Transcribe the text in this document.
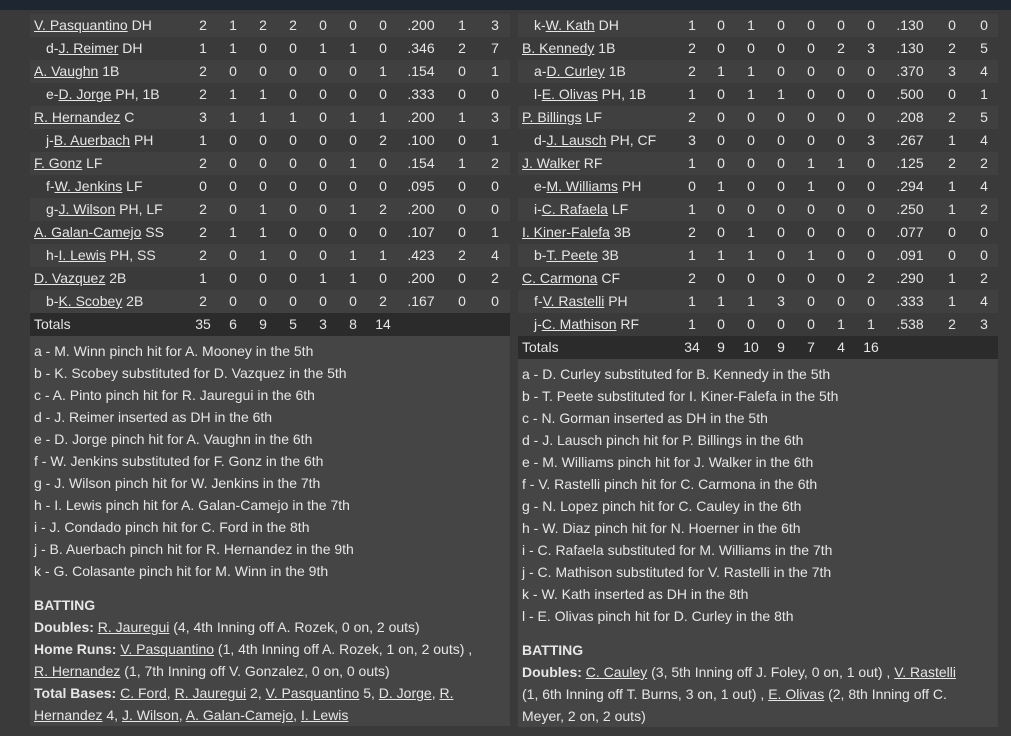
V. Pasquantino DH	2	1	2	2	0	0	0	.200	1	3
d-J. Reimer DH	1	1	0	0	1	1	0	.346	2	7
A. Vaughn 1B	2	0	0	0	0	0	1	.154	0	1
e-D. Jorge PH, 1B	2	1	1	0	0	0	0	.333	0	0
R. Hernandez C	3	1	1	1	0	1	1	.200	1	3
j-B. Auerbach PH	1	0	0	0	0	0	2	.100	0	1
F. Gonz LF	2	0	0	0	0	1	0	.154	1	2
f-W. Jenkins LF	0	0	0	0	0	0	0	.095	0	0
g-J. Wilson PH, LF	2	0	1	0	0	1	2	.200	0	0
A. Galan-Camejo SS	2	1	1	0	0	0	0	.107	0	1
h-I. Lewis PH, SS	2	0	1	0	0	1	1	.423	2	4
D. Vazquez 2B	1	0	0	0	1	1	0	.200	0	2
b-K. Scobey 2B	2	0	0	0	0	0	2	.167	0	0
Totals	35	6	9	5	3	8	14			
a - M. Winn pinch hit for A. Mooney in the 5th
b - K. Scobey substituted for D. Vazquez in the 5th
c - A. Pinto pinch hit for R. Jauregui in the 6th
d - J. Reimer inserted as DH in the 6th
e - D. Jorge pinch hit for A. Vaughn in the 6th
f - W. Jenkins substituted for F. Gonz in the 6th
g - J. Wilson pinch hit for W. Jenkins in the 7th
h - I. Lewis pinch hit for A. Galan-Camejo in the 7th
i - J. Condado pinch hit for C. Ford in the 8th
j - B. Auerbach pinch hit for R. Hernandez in the 9th
k - G. Colasante pinch hit for M. Winn in the 9th
BATTING
Doubles: R. Jauregui (4, 4th Inning off A. Rozek, 0 on, 2 outs)
Home Runs: V. Pasquantino (1, 4th Inning off A. Rozek, 1 on, 2 outs) ,
R. Hernandez (1, 7th Inning off V. Gonzalez, 0 on, 0 outs)
Total Bases: C. Ford, R. Jauregui 2, V. Pasquantino 5, D. Jorge, R.
Hernandez 4, J. Wilson, A. Galan-Camejo, I. Lewis
k-W. Kath DH	1	0	1	0	0	0	0	.130	0	0
B. Kennedy 1B	2	0	0	0	0	2	3	.130	2	5
a-D. Curley 1B	2	1	1	0	0	0	0	.370	3	4
l-E. Olivas PH, 1B	1	0	1	1	0	0	0	.500	0	1
P. Billings LF	2	0	0	0	0	0	0	.208	2	5
d-J. Lausch PH, CF	3	0	0	0	0	0	3	.267	1	4
J. Walker RF	1	0	0	0	1	1	0	.125	2	2
e-M. Williams PH	0	1	0	0	1	0	0	.294	1	4
i-C. Rafaela LF	1	0	0	0	0	0	0	.250	1	2
I. Kiner-Falefa 3B	2	0	1	0	0	0	0	.077	0	0
b-T. Peete 3B	1	1	1	0	1	0	0	.091	0	0
C. Carmona CF	2	0	0	0	0	0	2	.290	1	2
f-V. Rastelli PH	1	1	1	3	0	0	0	.333	1	4
j-C. Mathison RF	1	0	0	0	0	1	1	.538	2	3
Totals	34	9	10	9	7	4	16			
a - D. Curley substituted for B. Kennedy in the 5th
b - T. Peete substituted for I. Kiner-Falefa in the 5th
c - N. Gorman inserted as DH in the 5th
d - J. Lausch pinch hit for P. Billings in the 6th
e - M. Williams pinch hit for J. Walker in the 6th
f - V. Rastelli pinch hit for C. Carmona in the 6th
g - N. Lopez pinch hit for C. Cauley in the 6th
h - W. Diaz pinch hit for N. Hoerner in the 6th
i - C. Rafaela substituted for M. Williams in the 7th
j - C. Mathison substituted for V. Rastelli in the 7th
k - W. Kath inserted as DH in the 8th
l - E. Olivas pinch hit for D. Curley in the 8th
BATTING
Doubles: C. Cauley (3, 5th Inning off J. Foley, 0 on, 1 out) , V. Rastelli
(1, 6th Inning off T. Burns, 3 on, 1 out) , E. Olivas (2, 8th Inning off C.
Meyer, 2 on, 2 outs)
